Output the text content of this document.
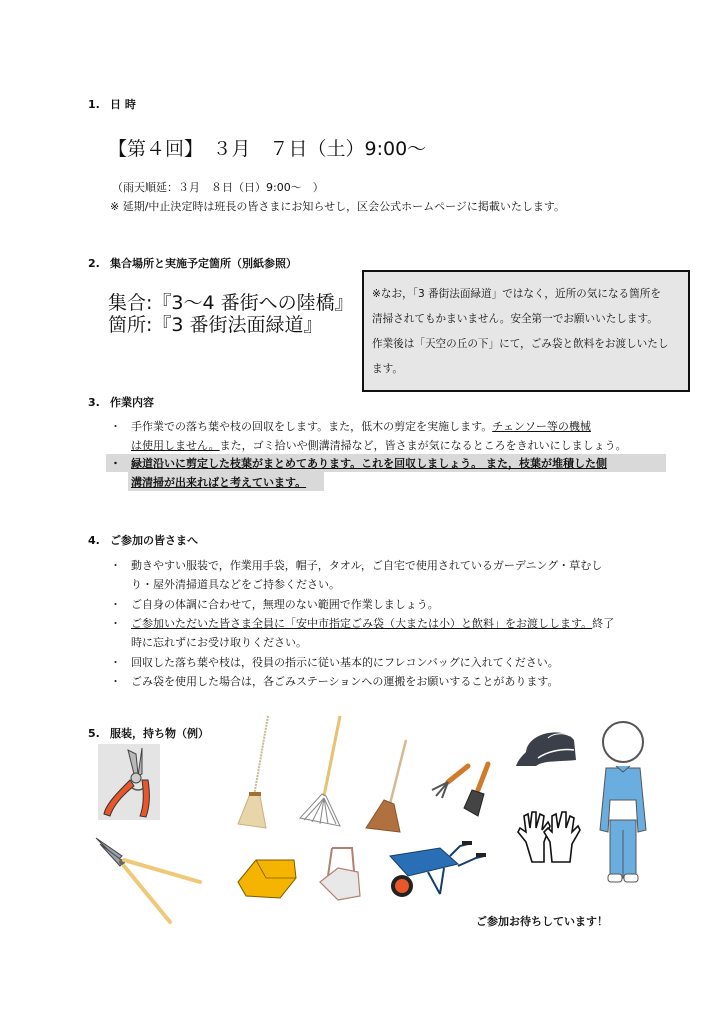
1. 日 時
【第４回】　３月　７日（土）9:00～
（雨天順延：３月　８日（日）9:00～　）
※ 延期/中止決定時は班長の皆さまにお知らせし，区会公式ホームページに掲載いたします。
2. 集合場所と実施予定箇所（別紙参照）
集合:『3～4 番街への陸橋』
箇所:『3 番街法面緑道』
※なお，「3 番街法面緑道」ではなく，近所の気になる箇所を
清掃されてもかまいません。安全第一でお願いいたします。
作業後は「天空の丘の下」にて，ごみ袋と飲料をお渡しいたし
ます。
3. 作業内容
・ 手作業での落ち葉や枝の回収をします。また，低木の剪定を実施します。チェンソー等の機械
は使用しません。また，ゴミ拾いや側溝清掃など，皆さまが気になるところをきれいにしましょう。
・ 緑道沿いに剪定した枝葉がまとめてあります。これを回収しましょう。 また，枝葉が堆積した側
溝清掃が出来ればと考えています。
4. ご参加の皆さまへ
・ 動きやすい服装で，作業用手袋，帽子，タオル，ご自宅で使用されているガーデニング・草むし
り・屋外清掃道具などをご持参ください。
・ ご自身の体調に合わせて，無理のない範囲で作業しましょう。
・ ご参加いただいた皆さま全員に「安中市指定ごみ袋（大または小）と飲料」をお渡しします。終了
時に忘れずにお受け取りください。
・ 回収した落ち葉や枝は，役員の指示に従い基本的にフレコンバッグに入れてください。
・ ごみ袋を使用した場合は，各ごみステーションへの運搬をお願いすることがあります。
5. 服装，持ち物（例）
ご参加お待ちしています！
